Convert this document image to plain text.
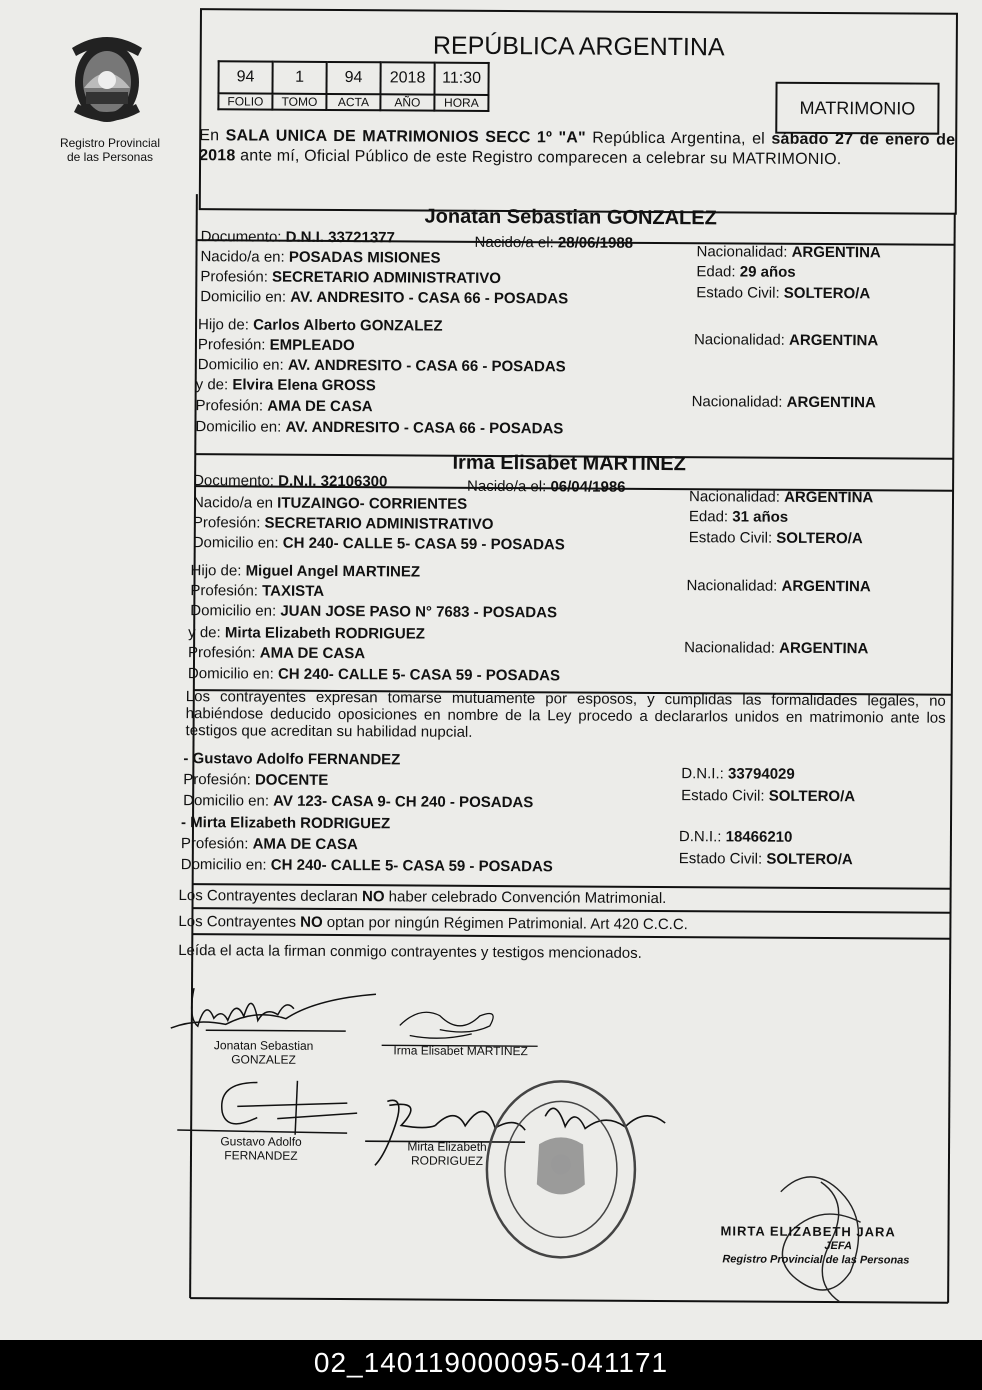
Registro Provincial
de las Personas
REPÚBLICA ARGENTINA
94	1	94	2018	11:30
FOLIO	TOMO	ACTA	AÑO	HORA	MATRIMONIO
En SALA UNICA DE MATRIMONIOS SECC 1º "A" República Argentina, el sábado 27 de enero de 2018 ante mí, Oficial Público de este Registro comparecen a celebrar su MATRIMONIO.
Jonatan Sebastian GONZALEZ
Documento: D.N.I. 33721377	Nacido/a el: 28/06/1988
Nacido/a en: POSADAS MISIONES
Profesión: SECRETARIO ADMINISTRATIVO
Domicilio en: AV. ANDRESITO - CASA 66 - POSADAS
Nacionalidad: ARGENTINA
Edad: 29 años
Estado Civil: SOLTERO/A
Hijo de: Carlos Alberto GONZALEZ
Profesión: EMPLEADO
Domicilio en: AV. ANDRESITO - CASA 66 - POSADAS
Nacionalidad: ARGENTINA
y de: Elvira Elena GROSS
Profesión: AMA DE CASA
Domicilio en: AV. ANDRESITO - CASA 66 - POSADAS
Nacionalidad: ARGENTINA
Irma Elisabet MARTINEZ
Documento: D.N.I. 32106300	Nacido/a el: 06/04/1986
Nacido/a en ITUZAINGO- CORRIENTES
Profesión: SECRETARIO ADMINISTRATIVO
Domicilio en: CH 240- CALLE 5- CASA 59 - POSADAS
Nacionalidad: ARGENTINA
Edad: 31 años
Estado Civil: SOLTERO/A
Hijo de: Miguel Angel MARTINEZ
Profesión: TAXISTA
Domicilio en: JUAN JOSE PASO N° 7683 - POSADAS
Nacionalidad: ARGENTINA
y de: Mirta Elizabeth RODRIGUEZ
Profesión: AMA DE CASA
Domicilio en: CH 240- CALLE 5- CASA 59 - POSADAS
Nacionalidad: ARGENTINA
Los contrayentes expresan tomarse mutuamente por esposos, y cumplidas las formalidades legales, no habiéndose deducido oposiciones en nombre de la Ley procedo a declararlos unidos en matrimonio ante los testigos que acreditan su habilidad nupcial.
- Gustavo Adolfo FERNANDEZ
Profesión: DOCENTE
Domicilio en: AV 123- CASA 9- CH 240 - POSADAS
D.N.I.: 33794029
Estado Civil: SOLTERO/A
- Mirta Elizabeth RODRIGUEZ
Profesión: AMA DE CASA
Domicilio en: CH 240- CALLE 5- CASA 59 - POSADAS
D.N.I.: 18466210
Estado Civil: SOLTERO/A
Los Contrayentes declaran NO haber celebrado Convención Matrimonial.
Los Contrayentes NO optan por ningún Régimen Patrimonial. Art 420 C.C.C.
Leída el acta la firman conmigo contrayentes y testigos mencionados.
Jonatan Sebastian
GONZALEZ
Irma Elisabet MARTINEZ
Gustavo Adolfo
FERNANDEZ
Mirta Elizabeth
RODRIGUEZ
MIRTA ELIZABETH JARA
JEFA
Registro Provincial de las Personas
02_140119000095-041171
